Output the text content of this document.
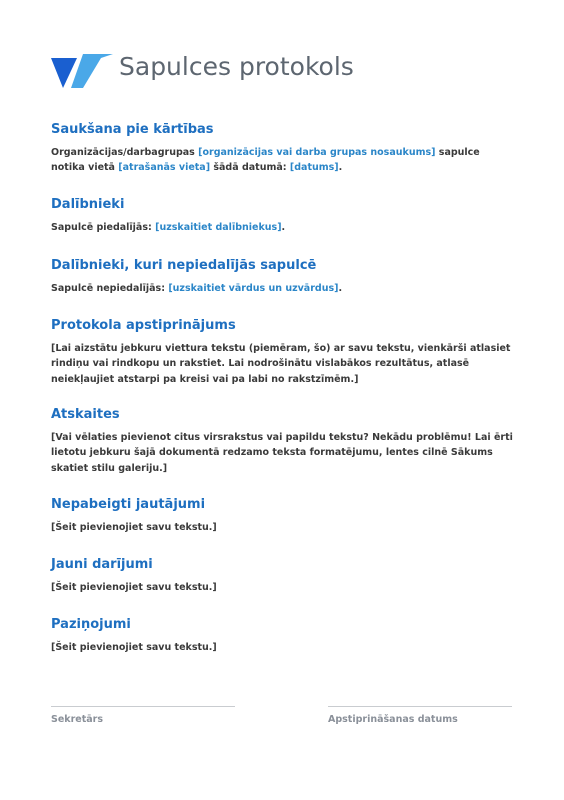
Sapulces protokols
Saukšana pie kārtības

Organizācijas/darbagrupas [organizācijas vai darba grupas nosaukums] sapulce notika vietā [atrašanās vieta] šādā datumā: [datums].

Dalībnieki

Sapulcē piedalījās: [uzskaitiet dalībniekus].

Dalībnieki, kuri nepiedalījās sapulcē

Sapulcē nepiedalījās: [uzskaitiet vārdus un uzvārdus].

Protokola apstiprinājums

[Lai aizstātu jebkuru viettura tekstu (piemēram, šo) ar savu tekstu, vienkārši atlasiet rindiņu vai rindkopu un rakstiet. Lai nodrošinātu vislabākos rezultātus, atlasē neiekļaujiet atstarpi pa kreisi vai pa labi no rakstzīmēm.]

Atskaites

[Vai vēlaties pievienot citus virsrakstus vai papildu tekstu? Nekādu problēmu! Lai ērti lietotu jebkuru šajā dokumentā redzamo teksta formatējumu, lentes cilnē Sākums skatiet stilu galeriju.]

Nepabeigti jautājumi

[Šeit pievienojiet savu tekstu.]

Jauni darījumi

[Šeit pievienojiet savu tekstu.]

Paziņojumi

[Šeit pievienojiet savu tekstu.]

Sekretārs	Apstiprināšanas datums
